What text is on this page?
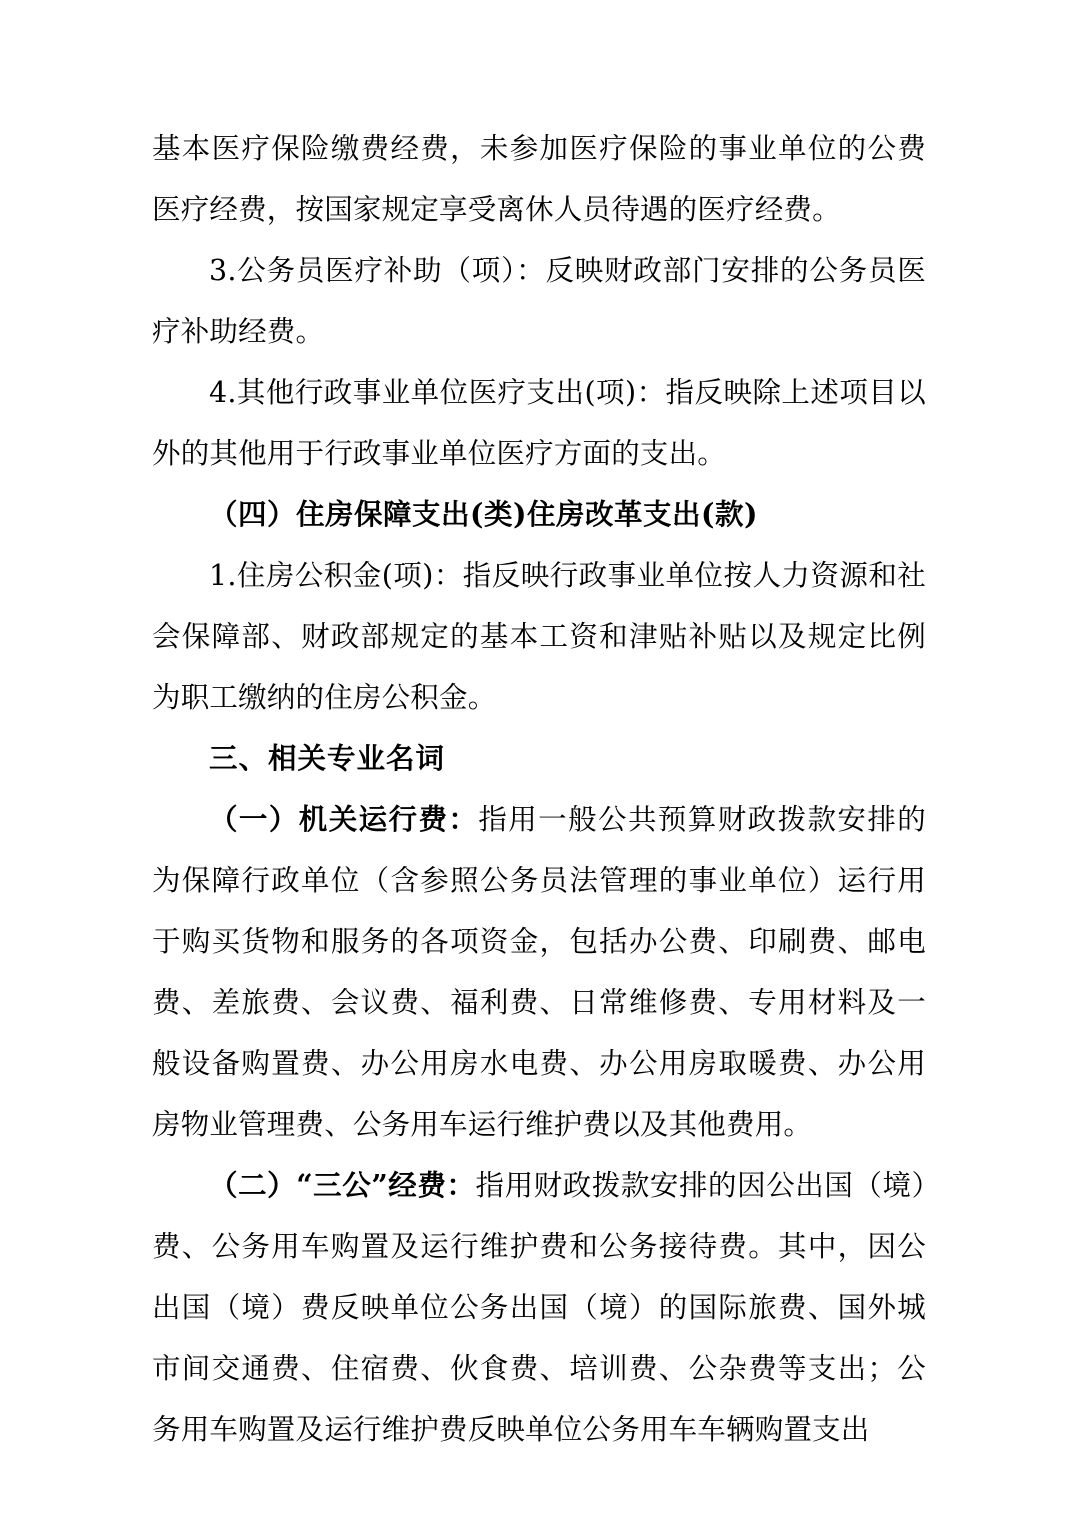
基本医疗保险缴费经费，未参加医疗保险的事业单位的公费医疗经费，按国家规定享受离休人员待遇的医疗经费。

3.公务员医疗补助（项）：反映财政部门安排的公务员医疗补助经费。

4.其他行政事业单位医疗支出(项)：指反映除上述项目以外的其他用于行政事业单位医疗方面的支出。

（四）住房保障支出(类)住房改革支出(款)

1.住房公积金(项)：指反映行政事业单位按人力资源和社会保障部、财政部规定的基本工资和津贴补贴以及规定比例为职工缴纳的住房公积金。

三、相关专业名词

（一）机关运行费：指用一般公共预算财政拨款安排的为保障行政单位（含参照公务员法管理的事业单位）运行用于购买货物和服务的各项资金，包括办公费、印刷费、邮电费、差旅费、会议费、福利费、日常维修费、专用材料及一般设备购置费、办公用房水电费、办公用房取暖费、办公用房物业管理费、公务用车运行维护费以及其他费用。

（二）“三公”经费：指用财政拨款安排的因公出国（境）费、公务用车购置及运行维护费和公务接待费。其中，因公出国（境）费反映单位公务出国（境）的国际旅费、国外城市间交通费、住宿费、伙食费、培训费、公杂费等支出；公务用车购置及运行维护费反映单位公务用车车辆购置支出
